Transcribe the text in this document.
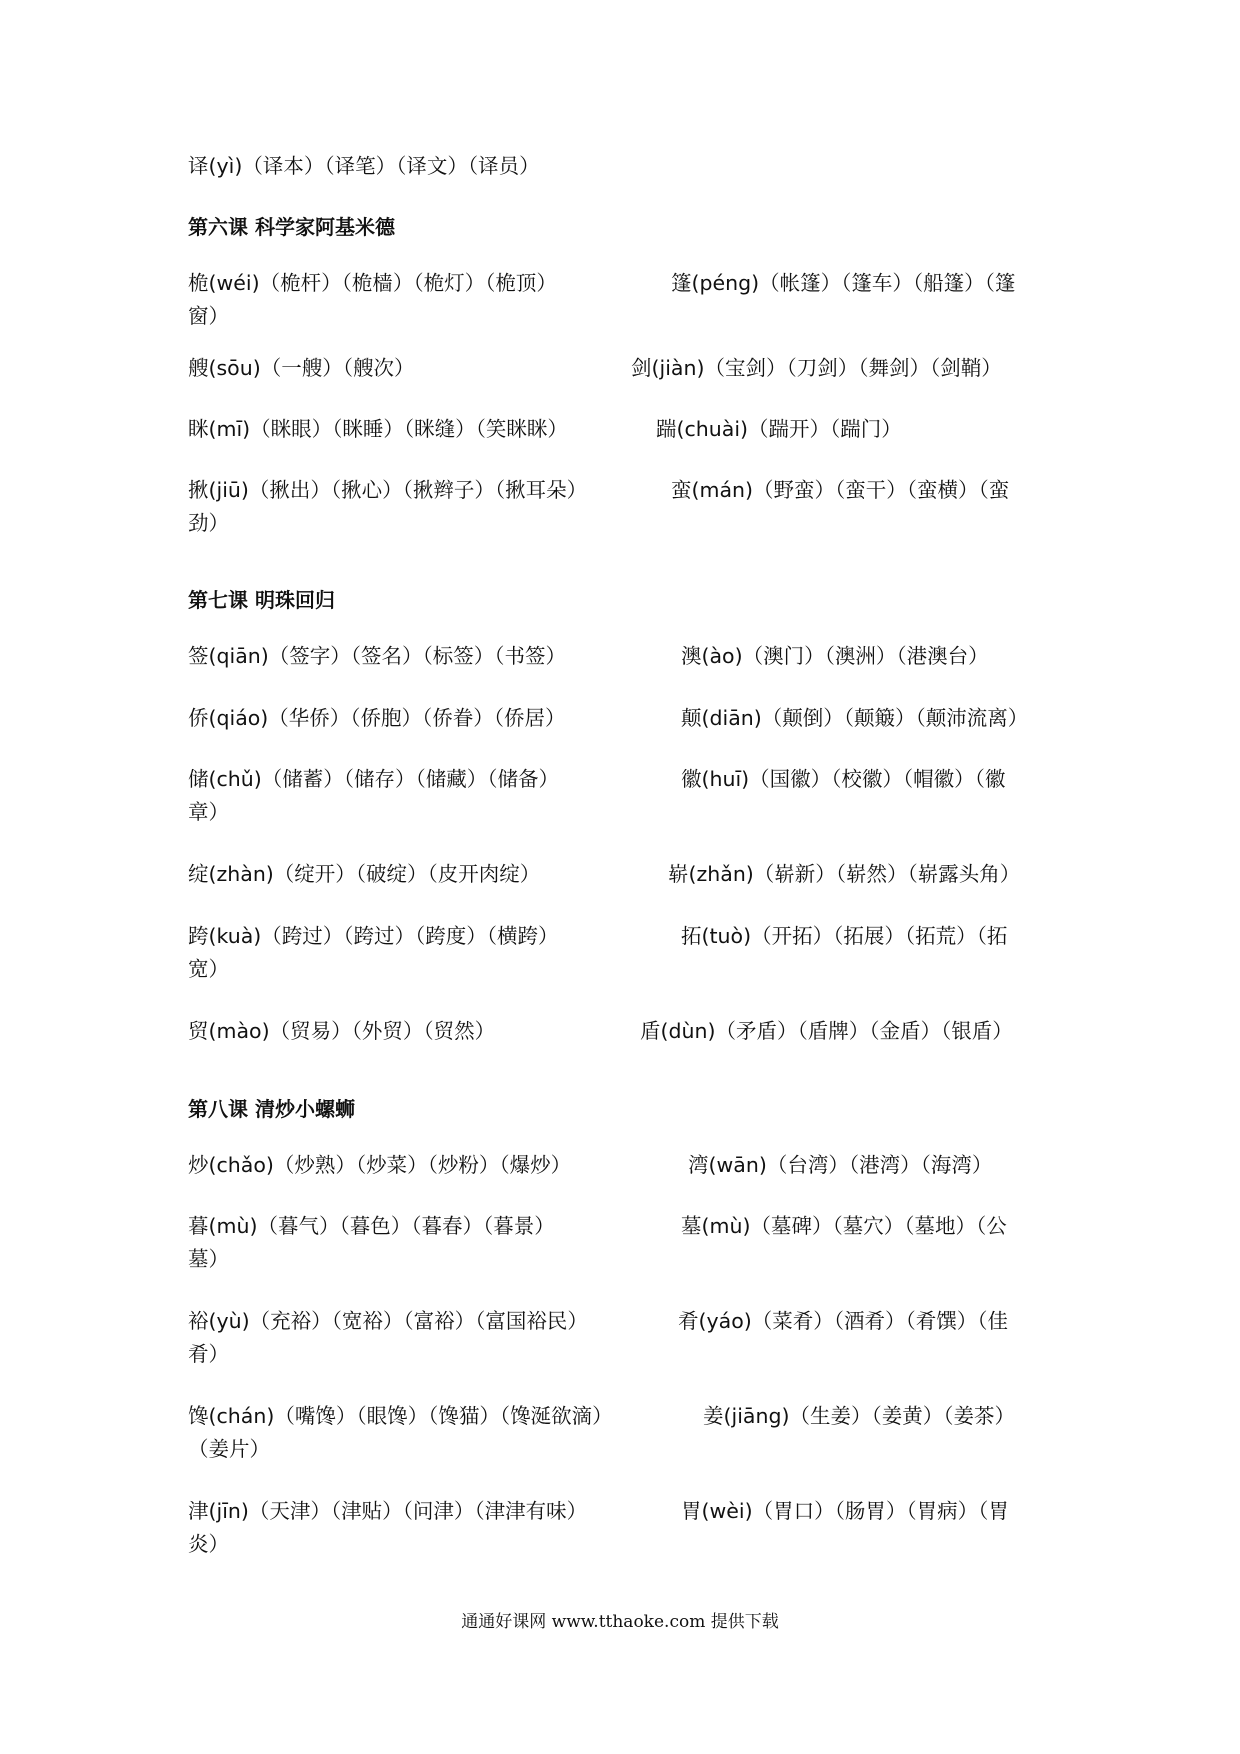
译(yì)（译本）（译笔）（译文）（译员）
第六课 科学家阿基米德
桅(wéi)（桅杆）（桅樯）（桅灯）（桅顶）	篷(péng)（帐篷）（篷车）（船篷）（篷
窗）
艘(sōu)（一艘）（艘次）	剑(jiàn)（宝剑）（刀剑）（舞剑）（剑鞘）
眯(mī)（眯眼）（眯睡）（眯缝）（笑眯眯）	踹(chuài)（踹开）（踹门）
揪(jiū)（揪出）（揪心）（揪辫子）（揪耳朵）	蛮(mán)（野蛮）（蛮干）（蛮横）（蛮
劲）
第七课 明珠回归
签(qiān)（签字）（签名）（标签）（书签）	澳(ào)（澳门）（澳洲）（港澳台）
侨(qiáo)（华侨）（侨胞）（侨眷）（侨居）	颠(diān)（颠倒）（颠簸）（颠沛流离）
储(chǔ)（储蓄）（储存）（储藏）（储备）	徽(huī)（国徽）（校徽）（帽徽）（徽
章）
绽(zhàn)（绽开）（破绽）（皮开肉绽）	崭(zhǎn)（崭新）（崭然）（崭露头角）
跨(kuà)（跨过）（跨过）（跨度）（横跨）	拓(tuò)（开拓）（拓展）（拓荒）（拓
宽）
贸(mào)（贸易）（外贸）（贸然）	盾(dùn)（矛盾）（盾牌）（金盾）（银盾）
第八课 清炒小螺蛳
炒(chǎo)（炒熟）（炒菜）（炒粉）（爆炒）	湾(wān)（台湾）（港湾）（海湾）
暮(mù)（暮气）（暮色）（暮春）（暮景）	墓(mù)（墓碑）（墓穴）（墓地）（公
墓）
裕(yù)（充裕）（宽裕）（富裕）（富国裕民）	肴(yáo)（菜肴）（酒肴）（肴馔）（佳
肴）
馋(chán)（嘴馋）（眼馋）（馋猫）（馋涎欲滴）	姜(jiāng)（生姜）（姜黄）（姜茶）
（姜片）
津(jīn)（天津）（津贴）（问津）（津津有味）	胃(wèi)（胃口）（肠胃）（胃病）（胃
炎）
通通好课网 www.tthaoke.com 提供下载
